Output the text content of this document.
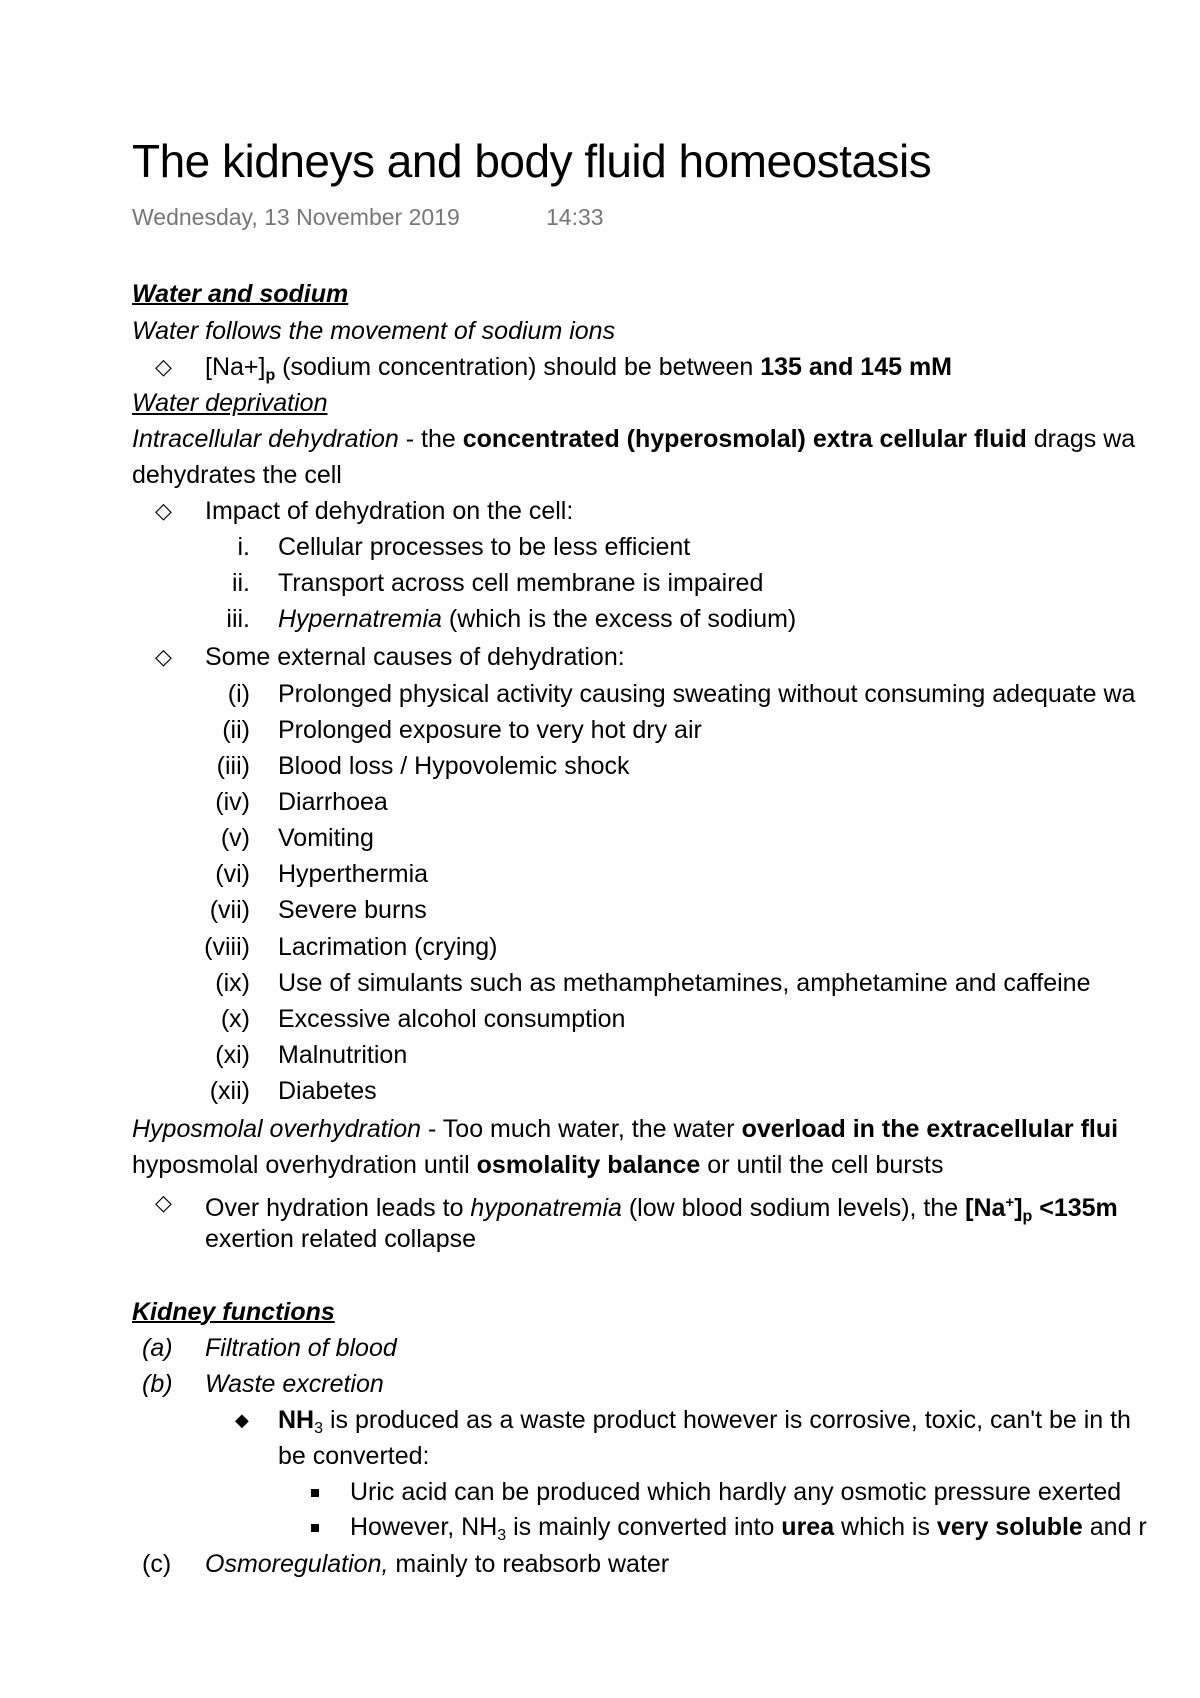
The kidneys and body fluid homeostasis
Wednesday, 13 November 2019	14:33
Water and sodium
Water follows the movement of sodium ions
◇ $[Na+]_p$ (sodium concentration) should be between 135 and 145 mM
Water deprivation
Intracellular dehydration - the concentrated (hyperosmolal) extra cellular fluid drags wa
dehydrates the cell
◇ Impact of dehydration on the cell:
i. Cellular processes to be less efficient
ii. Transport across cell membrane is impaired
iii. Hypernatremia (which is the excess of sodium)
◇ Some external causes of dehydration:
(i) Prolonged physical activity causing sweating without consuming adequate wa
(ii) Prolonged exposure to very hot dry air
(iii) Blood loss / Hypovolemic shock
(iv) Diarrhoea
(v) Vomiting
(vi) Hyperthermia
(vii) Severe burns
(viii) Lacrimation (crying)
(ix) Use of simulants such as methamphetamines, amphetamine and caffeine
(x) Excessive alcohol consumption
(xi) Malnutrition
(xii) Diabetes
Hyposmolal overhydration - Too much water, the water overload in the extracellular flui
hyposmolal overhydration until osmolality balance or until the cell bursts
◇ Over hydration leads to hyponatremia (low blood sodium levels), the $[Na^+]_p <135m$
exertion related collapse
Kidney functions
(a) Filtration of blood
(b) Waste excretion
◆ $NH_3$ is produced as a waste product however is corrosive, toxic, can't be in th
be converted:
Uric acid can be produced which hardly any osmotic pressure exerted
However, $NH_3$ is mainly converted into urea which is very soluble and r
(c) Osmoregulation, mainly to reabsorb water
